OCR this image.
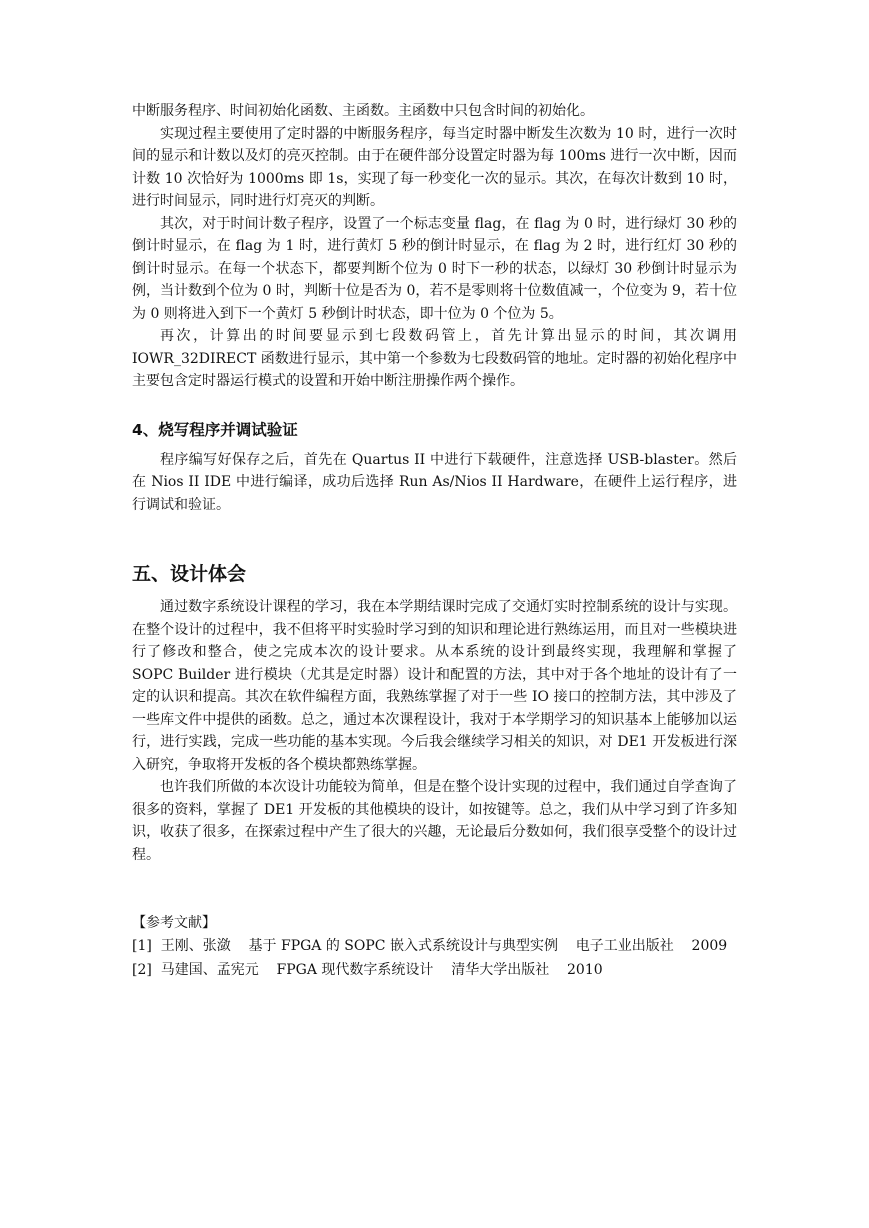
中断服务程序、时间初始化函数、主函数。主函数中只包含时间的初始化。

实现过程主要使用了定时器的中断服务程序，每当定时器中断发生次数为 10 时，进行一次时间的显示和计数以及灯的亮灭控制。由于在硬件部分设置定时器为每 100ms 进行一次中断，因而计数 10 次恰好为 1000ms 即 1s，实现了每一秒变化一次的显示。其次，在每次计数到 10 时，进行时间显示，同时进行灯亮灭的判断。

其次，对于时间计数子程序，设置了一个标志变量 flag，在 flag 为 0 时，进行绿灯 30 秒的倒计时显示，在 flag 为 1 时，进行黄灯 5 秒的倒计时显示，在 flag 为 2 时，进行红灯 30 秒的倒计时显示。在每一个状态下，都要判断个位为 0 时下一秒的状态，以绿灯 30 秒倒计时显示为例，当计数到个位为 0 时，判断十位是否为 0，若不是零则将十位数值减一，个位变为 9，若十位为 0 则将进入到下一个黄灯 5 秒倒计时状态，即十位为 0 个位为 5。

再次，计算出的时间要显示到七段数码管上，首先计算出显示的时间，其次调用 IOWR_32DIRECT 函数进行显示，其中第一个参数为七段数码管的地址。定时器的初始化程序中主要包含定时器运行模式的设置和开始中断注册操作两个操作。

4、烧写程序并调试验证

程序编写好保存之后，首先在 Quartus II 中进行下载硬件，注意选择 USB-blaster。然后在 Nios II IDE 中进行编译，成功后选择 Run As/Nios II Hardware，在硬件上运行程序，进行调试和验证。

五、设计体会

通过数字系统设计课程的学习，我在本学期结课时完成了交通灯实时控制系统的设计与实现。在整个设计的过程中，我不但将平时实验时学习到的知识和理论进行熟练运用，而且对一些模块进行了修改和整合，使之完成本次的设计要求。从本系统的设计到最终实现，我理解和掌握了 SOPC Builder 进行模块（尤其是定时器）设计和配置的方法，其中对于各个地址的设计有了一定的认识和提高。其次在软件编程方面，我熟练掌握了对于一些 IO 接口的控制方法，其中涉及了一些库文件中提供的函数。总之，通过本次课程设计，我对于本学期学习的知识基本上能够加以运行，进行实践，完成一些功能的基本实现。今后我会继续学习相关的知识，对 DE1 开发板进行深入研究，争取将开发板的各个模块都熟练掌握。

也许我们所做的本次设计功能较为简单，但是在整个设计实现的过程中，我们通过自学查询了很多的资料，掌握了 DE1 开发板的其他模块的设计，如按键等。总之，我们从中学习到了许多知识，收获了很多，在探索过程中产生了很大的兴趣，无论最后分数如何，我们很享受整个的设计过程。

【参考文献】

[1]  王刚、张潋    基于 FPGA 的 SOPC 嵌入式系统设计与典型实例    电子工业出版社    2009

[2]  马建国、孟宪元    FPGA 现代数字系统设计    清华大学出版社    2010
